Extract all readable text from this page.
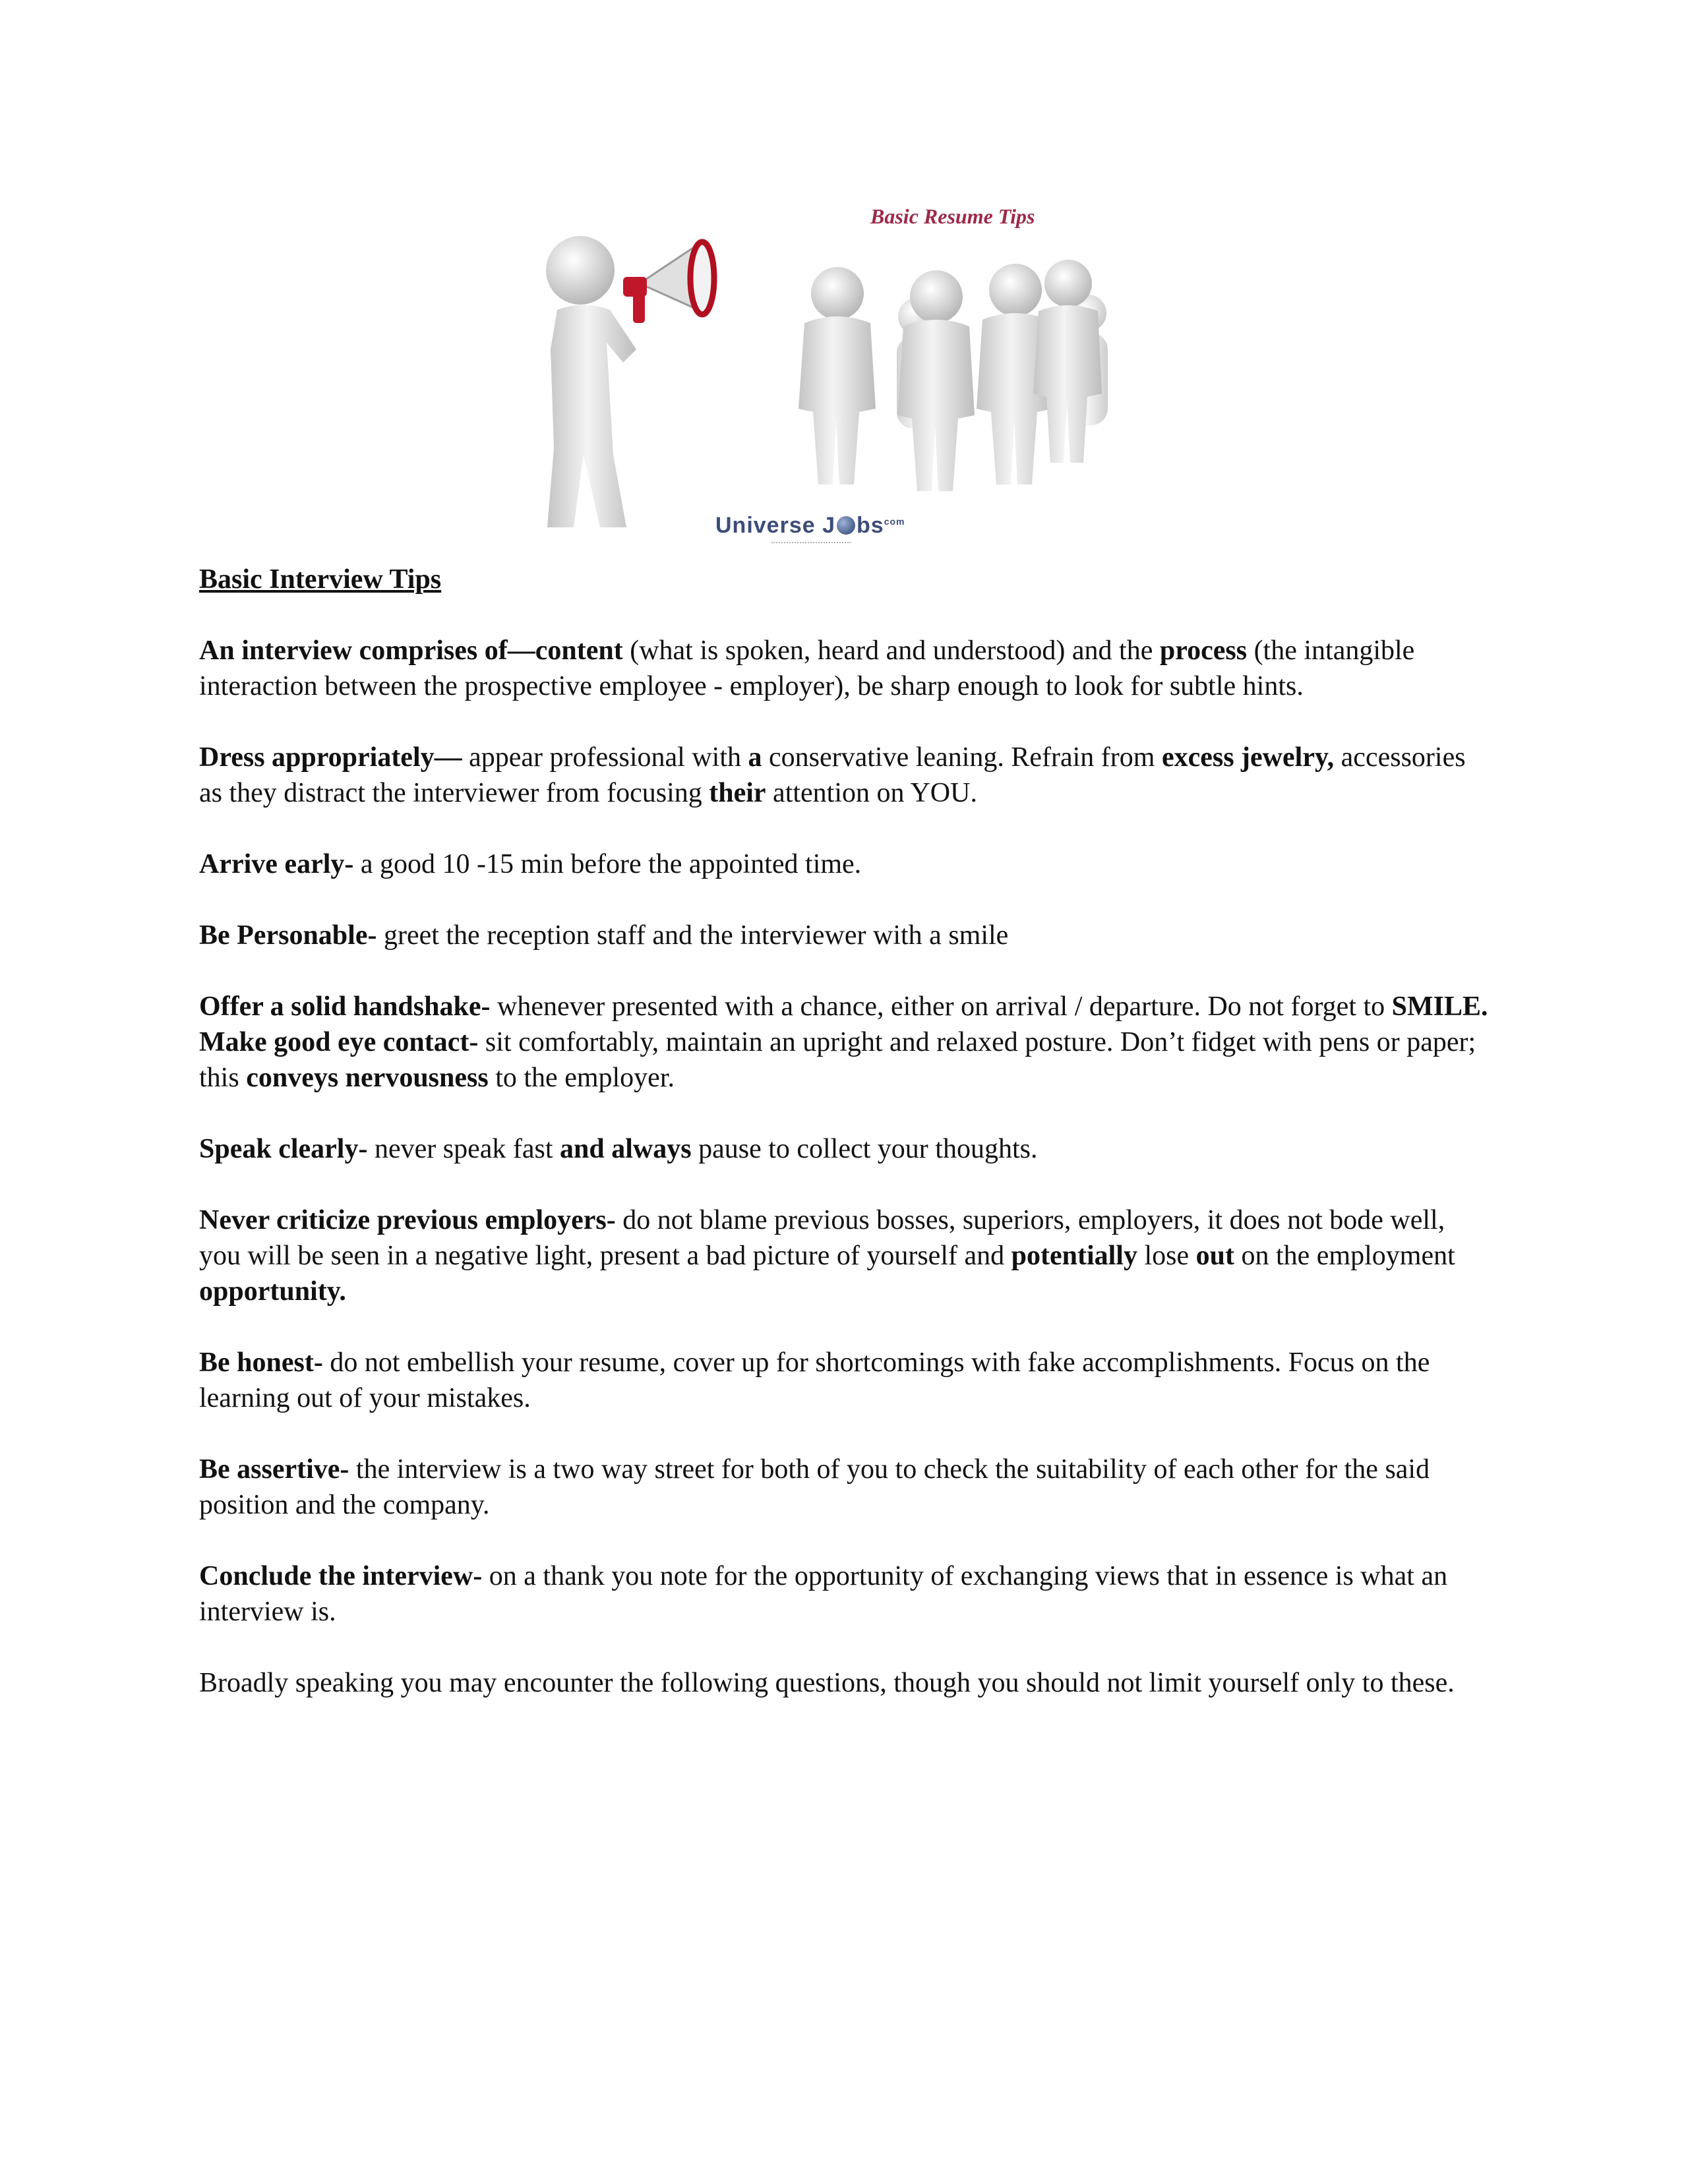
Basic Resume Tips
Universe J $bs^{com}$
Basic Interview Tips
An interview comprises of—content (what is spoken, heard and understood) and the process (the intangible interaction between the prospective employee - employer), be sharp enough to look for subtle hints.
Dress appropriately— appear professional with a conservative leaning. Refrain from excess jewelry, accessories as they distract the interviewer from focusing their attention on YOU.
Arrive early- a good 10 -15 min before the appointed time.
Be Personable- greet the reception staff and the interviewer with a smile
Offer a solid handshake- whenever presented with a chance, either on arrival / departure. Do not forget to SMILE.
Make good eye contact- sit comfortably, maintain an upright and relaxed posture. Don’t fidget with pens or paper; this conveys nervousness to the employer.
Speak clearly- never speak fast and always pause to collect your thoughts.
Never criticize previous employers- do not blame previous bosses, superiors, employers, it does not bode well, you will be seen in a negative light, present a bad picture of yourself and potentially lose out on the employment opportunity.
Be honest- do not embellish your resume, cover up for shortcomings with fake accomplishments. Focus on the learning out of your mistakes.
Be assertive- the interview is a two way street for both of you to check the suitability of each other for the said position and the company.
Conclude the interview- on a thank you note for the opportunity of exchanging views that in essence is what an interview is.
Broadly speaking you may encounter the following questions, though you should not limit yourself only to these.
